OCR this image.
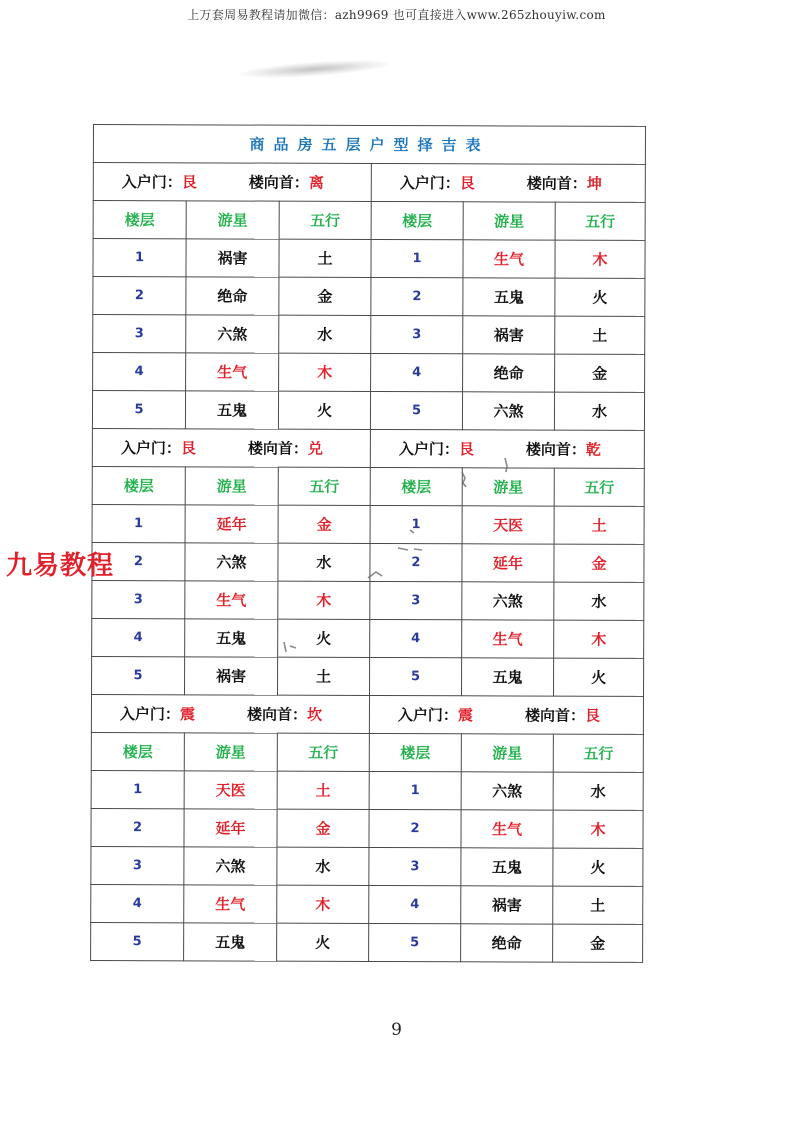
上万套周易教程请加微信：azh9969 也可直接进入www.265zhouyiw.com
商品房五层户型择吉表					
入户门：艮 楼向首：离			入户门：艮 楼向首：坤		
楼层	游星	五行	楼层	游星	五行
1	祸害	土	1	生气	木
2	绝命	金	2	五鬼	火
3	六煞	水	3	祸害	土
4	生气	木	4	绝命	金
5	五鬼	火	5	六煞	水
入户门：艮 楼向首：兑			入户门：艮 楼向首：乾		
楼层	游星	五行	楼层	游星	五行
1	延年	金	1	天医	土
2	六煞	水	2	延年	金
3	生气	木	3	六煞	水
4	五鬼	火	4	生气	木
5	祸害	土	5	五鬼	火
入户门：震 楼向首：坎			入户门：震 楼向首：艮		
楼层	游星	五行	楼层	游星	五行
1	天医	土	1	六煞	水
2	延年	金	2	生气	木
3	六煞	水	3	五鬼	火
4	生气	木	4	祸害	土
5	五鬼	火	5	绝命	金
九易教程
9
